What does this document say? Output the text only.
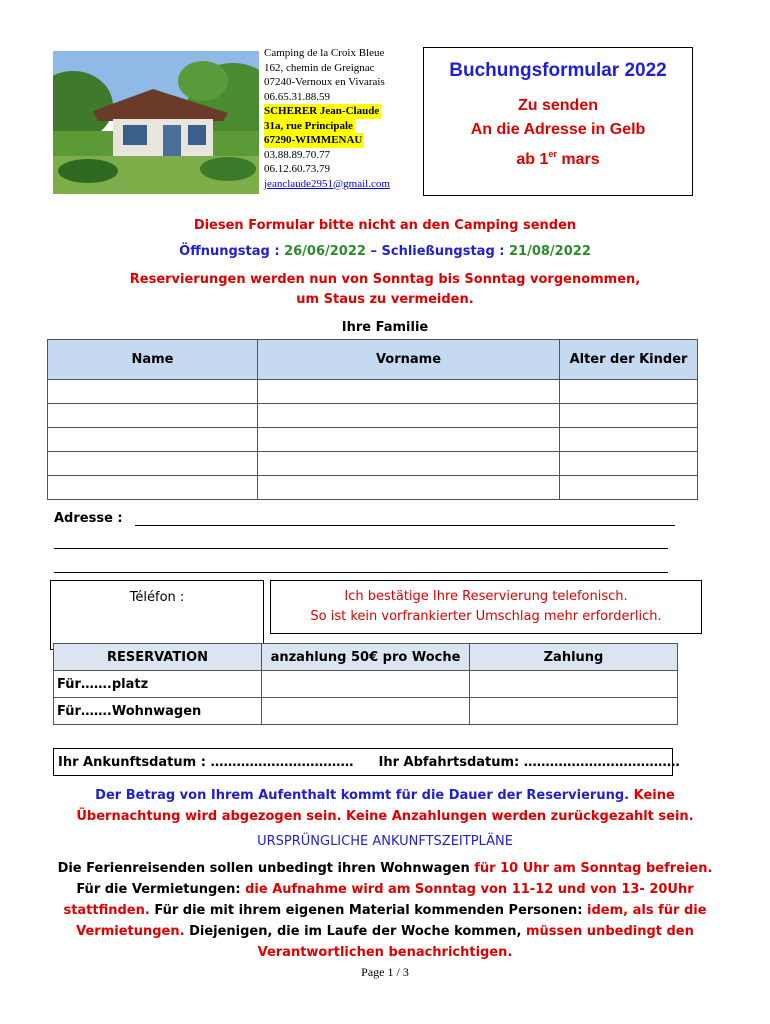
Camping de la Croix Bleue
162, chemin de Greignac
07240-Vernoux en Vivarais
06.65.31.88.59
SCHERER Jean-Claude
31a, rue Principale
67290-WIMMENAU
03.88.89.70.77
06.12.60.73.79
jeanclaude2951@gmail.com
Buchungsformular 2022
Zu senden
An die Adresse in Gelb
ab 1er mars
Diesen Formular bitte nicht an den Camping senden
Öffnungstag : 26/06/2022 – Schließungstag : 21/08/2022
Reservierungen werden nun von Sonntag bis Sonntag vorgenommen,
um Staus zu vermeiden.
Ihre Familie
Name	Vorname	Alter der Kinder

Adresse :
Téléfon :	Ich bestätige Ihre Reservierung telefonisch.
So ist kein vorfrankierter Umschlag mehr erforderlich.
RESERVATION	anzahlung 50€ pro Woche	Zahlung
Für…….platz		
Für…….Wohnwagen		
Ihr Ankunftsdatum : …………………………… Ihr Abfahrtsdatum: ………………………………
Der Betrag von Ihrem Aufenthalt kommt für die Dauer der Reservierung. Keine
Übernachtung wird abgezogen sein. Keine Anzahlungen werden zurückgezahlt sein.
URSPRÜNGLICHE ANKUNFTSZEITPLÄNE
Die Ferienreisenden sollen unbedingt ihren Wohnwagen für 10 Uhr am Sonntag befreien. Für die Vermietungen: die Aufnahme wird am Sonntag von 11-12 und von 13- 20Uhr stattfinden. Für die mit ihrem eigenen Material kommenden Personen: idem, als für die Vermietungen. Diejenigen, die im Laufe der Woche kommen, müssen unbedingt den Verantwortlichen benachrichtigen.
Page 1 / 3
